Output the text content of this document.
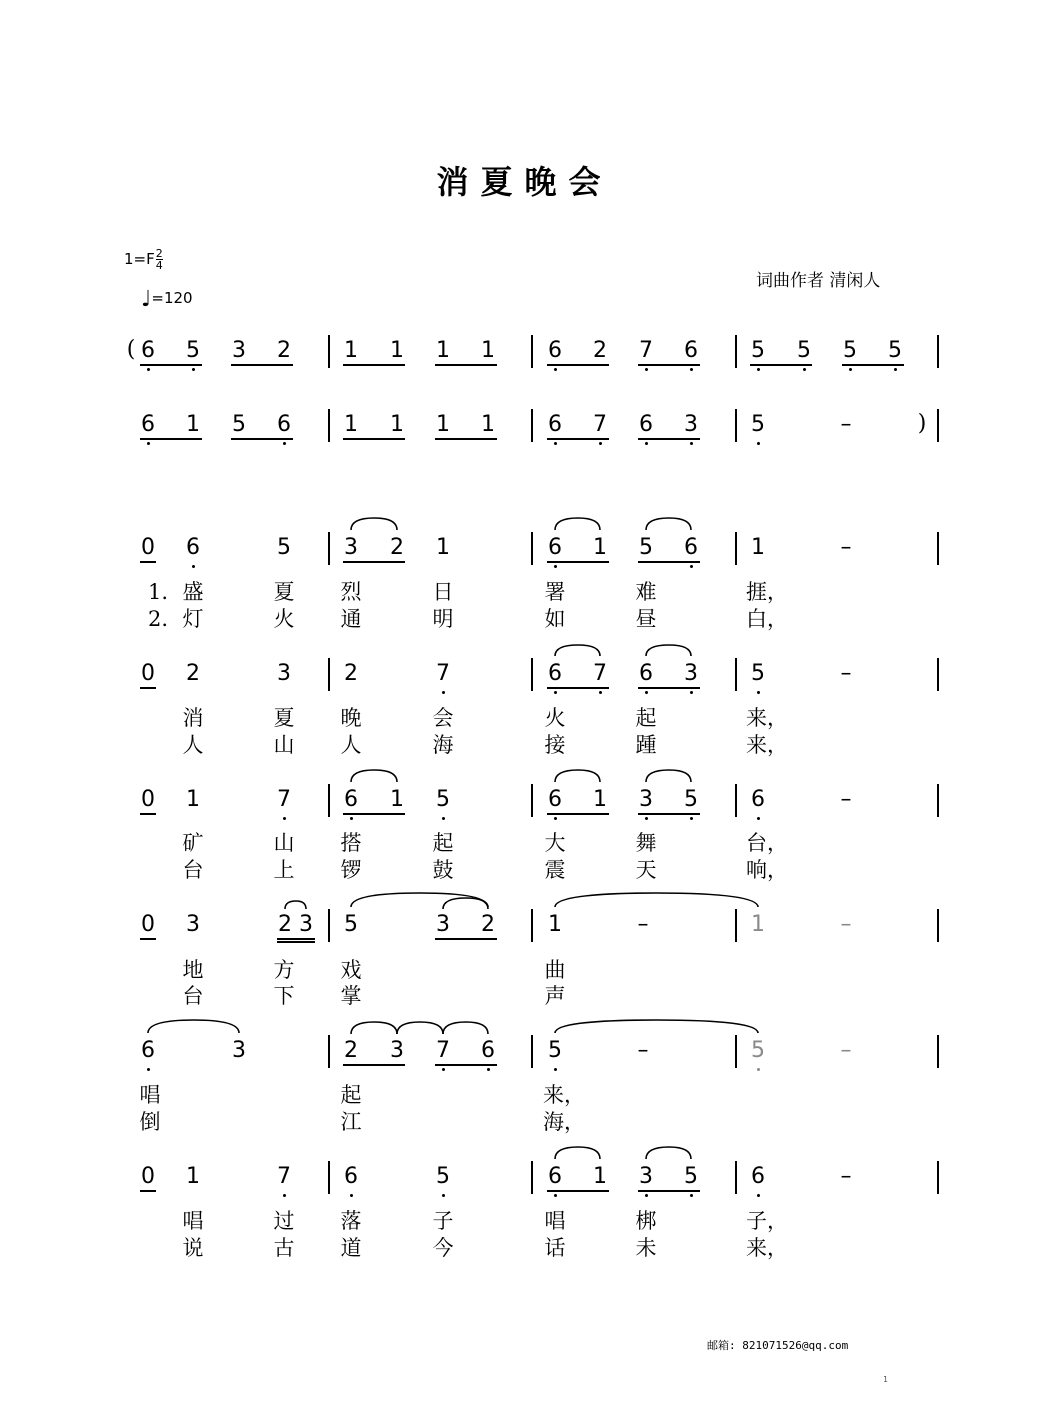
消夏晚会
$1=F \frac{2}{4}$
♩=120
词曲作者 清闲人
邮箱: 821071526@qq.com
1
( 6 5 3 2 1 1 1 1 6 2 7 6 5 5 5 5
6 1 5 6 1 1 1 1 6 7 6 3 5	–	)
0 6	5 3 2 1	6 1 5 6 1	–
1. 盛	夏 烈	日	署	难	捱，
2. 灯	火 通	明	如	昼	白，
0 2	3 2	7	6 7 6 3 5	–
消	夏 晚	会	火	起	来，
人	山 人	海	接	踵	来，
0 1	7 6 1 5	6 1 3 5 6	–
矿	山 搭	起	大	舞	台，
台	上 锣	鼓	震	天	响，
0 3	2 3 5	3 2 1	–	1	–
地	方 戏	曲
台	下 掌	声
6	3	2 3 7 6 5	–	5	–
唱	起	来，
倒	江	海，
0 1	7 6	5	6 1 3 5 6	–
唱	过 落	子	唱	梆	子，
说	古 道	今	话	未	来，
